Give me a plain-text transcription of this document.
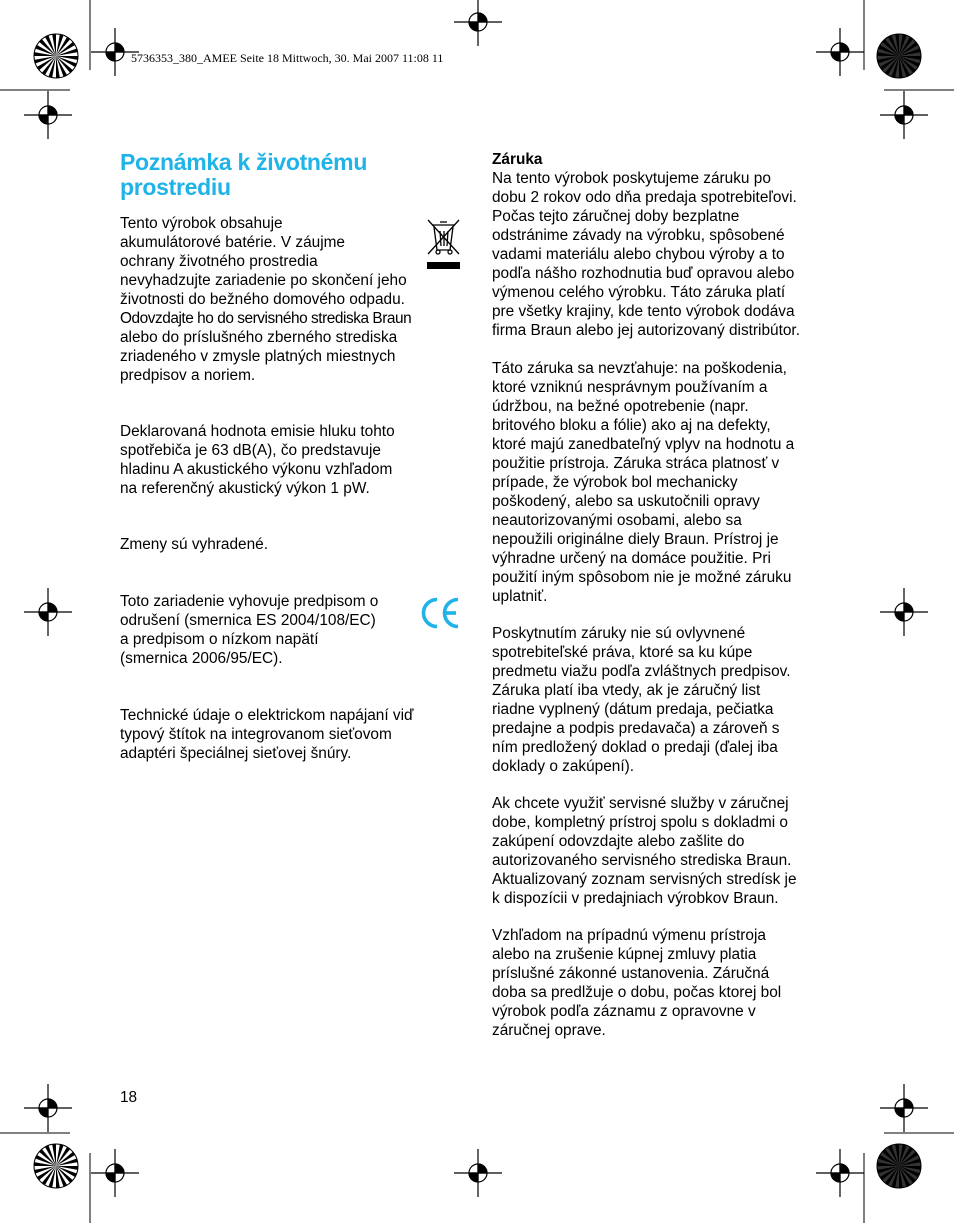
5736353_380_AMEE Seite 18 Mittwoch, 30. Mai 2007 11:08 11
Poznámka k životnému
prostrediu
Tento výrobok obsahuje
akumulátorové batérie. V záujme
ochrany životného prostredia
nevyhadzujte zariadenie po skončení jeho
životnosti do bežného domového odpadu.
Odovzdajte ho do servisného strediska Braun
alebo do príslušného zberného strediska
zriadeného v zmysle platných miestnych
predpisov a noriem.
Deklarovaná hodnota emisie hluku tohto
spotřebiča je 63 dB(A), čo predstavuje
hladinu A akustického výkonu vzhľadom
na referenčný akustický výkon 1 pW.
Zmeny sú vyhradené.
Toto zariadenie vyhovuje predpisom o
odrušení (smernica ES 2004/108/EC)
a predpisom o nízkom napätí
(smernica 2006/95/EC).
Technické údaje o elektrickom napájaní viď
typový štítok na integrovanom sieťovom
adaptéri špeciálnej sieťovej šnúry.
18
Záruka
Na tento výrobok poskytujeme záruku po
dobu 2 rokov odo dňa predaja spotrebiteľovi.
Počas tejto záručnej doby bezplatne
odstránime závady na výrobku, spôsobené
vadami materiálu alebo chybou výroby a to
podľa nášho rozhodnutia buď opravou alebo
výmenou celého výrobku. Táto záruka platí
pre všetky krajiny, kde tento výrobok dodáva
firma Braun alebo jej autorizovaný distribútor.
Táto záruka sa nevzťahuje: na poškodenia,
ktoré vzniknú nesprávnym používaním a
údržbou, na bežné opotrebenie (napr.
britového bloku a fólie) ako aj na defekty,
ktoré majú zanedbateľný vplyv na hodnotu a
použitie prístroja. Záruka stráca platnosť v
prípade, že výrobok bol mechanicky
poškodený, alebo sa uskutočnili opravy
neautorizovanými osobami, alebo sa
nepoužili originálne diely Braun. Prístroj je
výhradne určený na domáce použitie. Pri
použití iným spôsobom nie je možné záruku
uplatniť.
Poskytnutím záruky nie sú ovlyvnené
spotrebiteľské práva, ktoré sa ku kúpe
predmetu viažu podľa zvláštnych predpisov.
Záruka platí iba vtedy, ak je záručný list
riadne vyplnený (dátum predaja, pečiatka
predajne a podpis predavača) a zároveň s
ním predložený doklad o predaji (ďalej iba
doklady o zakúpení).
Ak chcete využiť servisné služby v záručnej
dobe, kompletný prístroj spolu s dokladmi o
zakúpení odovzdajte alebo zašlite do
autorizovaného servisného strediska Braun.
Aktualizovaný zoznam servisných stredísk je
k dispozícii v predajniach výrobkov Braun.
Vzhľadom na prípadnú výmenu prístroja
alebo na zrušenie kúpnej zmluvy platia
príslušné zákonné ustanovenia. Záručná
doba sa predlžuje o dobu, počas ktorej bol
výrobok podľa záznamu z opravovne v
záručnej oprave.
